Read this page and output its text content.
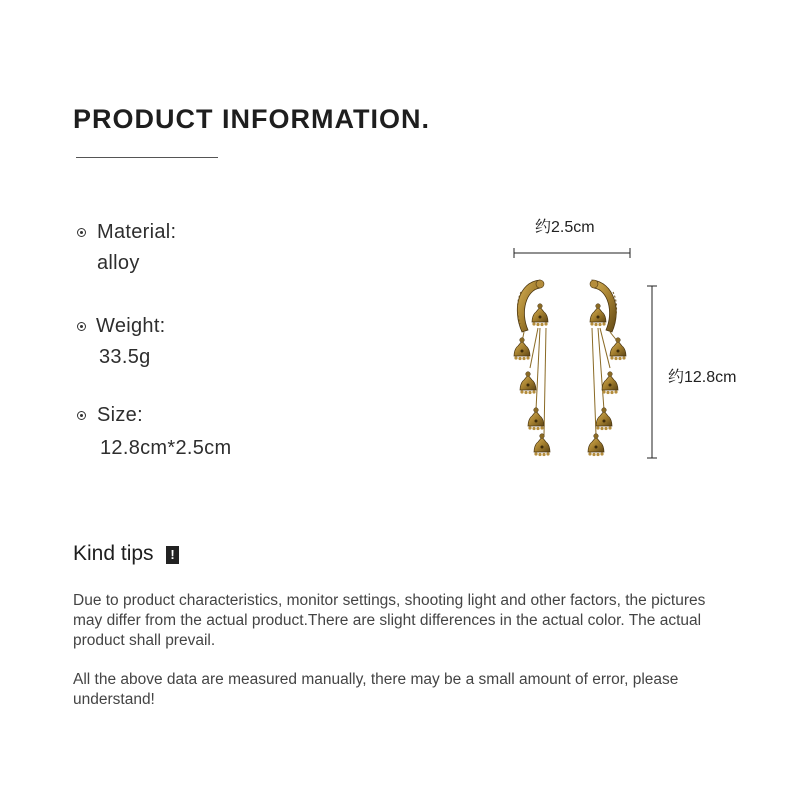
PRODUCT INFORMATION.
Material:
alloy
Weight:
33.5g
Size:
12.8cm*2.5cm
约2.5cm
约12.8cm
Kind tips	!
Due to product characteristics, monitor settings, shooting light and other factors, the pictures may differ from the actual product.There are slight differences in the actual color. The actual product shall prevail.
All the above data are measured manually, there may be a small amount of error, please understand!
